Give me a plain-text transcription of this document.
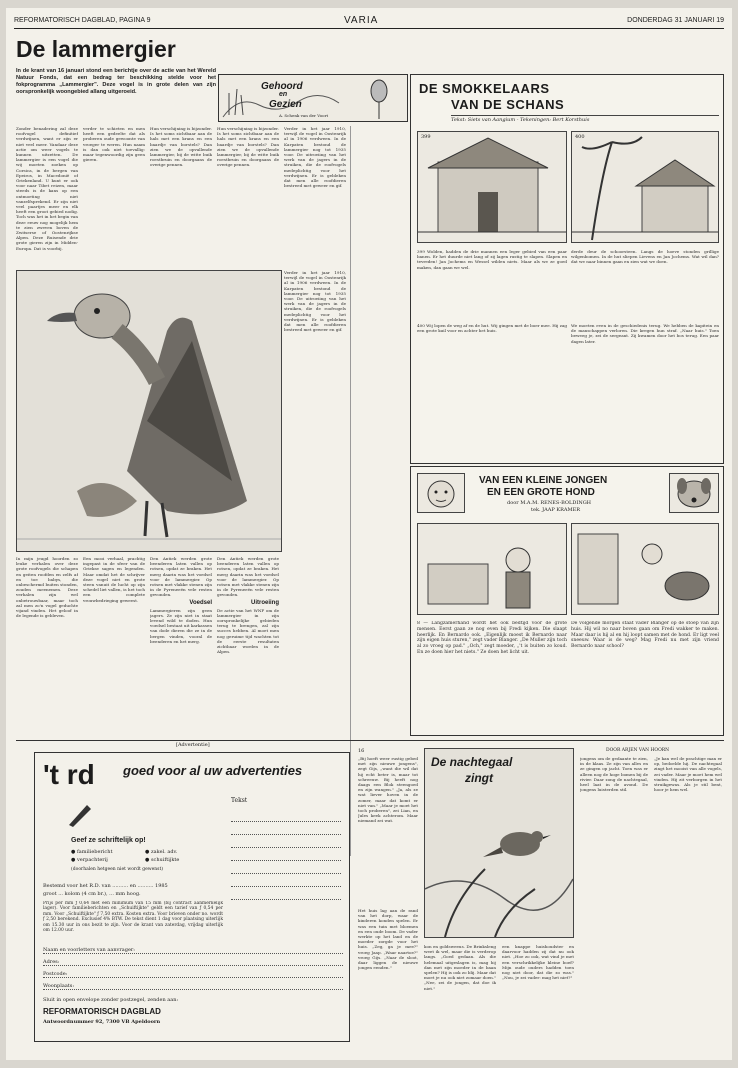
REFORMATORISCH DAGBLAD, PAGINA 9	VARIA	DONDERDAG 31 JANUARI 19
De lammergier
In de krant van 16 januari stond een berichtje over de actie van het Wereld Natuur Fonds, dat een bedrag ter beschikking stelde voor het fokprogramma „Lammergier". Deze vogel is in grote delen van zijn oorspronkelijk woongebied allang uitgeroeid.
Zonder benadering zal deze roofvogel definitief verdwijnen, want er zijn er niet veel meer. Vandaar deze actie om weer vogels te kunnen uitzetten. De lammergier is een vogel die wij moeten zoeken op Corsica, in de bergen van Epeiros, in Macedonië of Griekenland. U kunt er ook voor naar Tibet reizen, maar steeds is de kans op een ontmoeting niet vanzelfsprekend. Er zijn niet veel paartjes meer en elk heeft een groot gebied nodig. Toch was het in het begin van deze eeuw nog mogelijk hem te zien zweven boven de Zwitserse of Oostenrijkse Alpen. Deze Ruisende drie grote gieren zijn in Midden-Europa. Dat is voorbij.
verder te schieten en men heeft een gedeelte dat als proberen oude gewoonte van vroeger te weren. Hun naam is dan ook niet toevallig: maar tegenwoordig zijn geen gieren.
Hun verschijning is bijzonder. Is het soms zichtbaar aan de hals met een krans en een baardje van borstels? Dan zien we de opvallende lammergier, bij de witte buik roestbruin en doorgaans de overige pennen.
Hun verschijning is bijzonder. Is het soms zichtbaar aan de hals met een krans en een baardje van borstels? Dan zien we de opvallende lammergier, bij de witte buik roestbruin en doorgaans de overige pennen.
Verder in het jaar 1910, terwijl de vogel in Oostenrijk al in 1906 verdween. In de Karpaten bestond de lammergier nog tot 1935 voor. De uitroeiing van het werk van de jagers in de struiken, die de roofvogels medeplichtig voor het verdwijnen. Er is gebleken dat men alle roofdieren bestreed met geweer en gif.
Gehoord
en
Gezien
A. Schenk van der Voort
In mijn jeugd hoorden zo leuke verhalen over deze grote roofvogels die schapen en geiten roofden en zelfs af en toe babys, die onbeschermd buiten stonden, zouden meenemen. Deze verhalen zijn wel onbetrouwbaar, maar toch zal men zo'n vogel geduchte vijand vinden. Het geloof in de legende is gebleven.
Een mooi verhaal, prachtig ingepast in de sfeer van de Griekse sagen en legenden. Maar omdat het de schrijver deze vogel niet en grote steen vanuit de lucht op zijn schedel liet vallen, is het toch een complete vrouwbedrieging geweest.
Den Antiek werden grote beenderen laten vallen op rotsen, opdat ze braken. Het merg daarin was het voedsel voor de lammergier. Op rotsen met vlakke stenen zijn in de Pyreneeën vele resten gevonden.
Voedsel
Lammergieren zijn geen jagers. Ze zijn niet in staat levend wild te doden. Hun voedsel bestaat uit karkassen van dode dieren die ze in de bergen vinden, vooral de beenderen en het merg.
Den Antiek werden grote beenderen laten vallen op rotsen, opdat ze braken. Het merg daarin was het voedsel voor de lammergier. Op rotsen met vlakke stenen zijn in de Pyreneeën vele resten gevonden.
Uitroeiing
De actie van het WNF om de lammergier in zijn oorspronkelijke gebieden terug te brengen, zal zijn succes hebben. Al moet men nog geruime tijd wachten tot de eerste resultaten zichtbaar worden in de Alpen.
Verder in het jaar 1910, terwijl de vogel in Oostenrijk al in 1906 verdween. In de Karpaten bestond de lammergier nog tot 1935 voor. De uitroeiing van het werk van de jagers in de struiken, die de roofvogels medeplichtig voor het verdwijnen. Er is gebleken dat men alle roofdieren bestreed met geweer en gif.
DE SMOKKELAARS
VAN DE SCHANS
Tekst: Siets van Aangium - Tekeningen: Bert Korsthuis
399	400
399 Wolden, hadden de drie mannen een leger gebied van een paar banen. Er het duurde niet lang of zij lagen rustig te slapen. Slapen en tevreden! Jan Jochems en Wessel wilden niets. Maar als we ze goed maken, dan gaan we wel.
400 Wij lopen de weg af en de hut. Wij gingen met de boer mee. Hij zag een grote kuil voor en achter het huis.
derde deur de schoorsteen. Langs de hoeve stonden grillige wilgenbomen. In de hut sliepen Lievens en Jan Jochems. Wat wil dan? dat we naar binnen gaan en zien wat we doen.
We moeten even in de geschiedenis terug. We hebben de kapitein en de manschappen verloren. Die kregen hun straf. „Naar huis." Toen beweeg je, zei de sergeant. Zij kwamen door het bos terug. Een paar dagen later.
VAN EEN KLEINE JONGEN
EN EEN GROTE HOND
door M.A.M. RENES-BOLDINGH
tek. JAAP KRAMER
8 — Langzamerhand wordt het ook bedtijd voor de grote mensen. Eerst gaan ze nog even bij Fredi kijken. Die slaapt heerlijk. En Bernardo ook. „Eigenlijk moest ik Bernardo naar zijn eigen huis sturen," zegt vader Blanger. „De Muller zijn toch al zo vroeg op pad." „Och," zegt moeder, „'t is buiten zo koud. En ze doen hier het niets." Ze doen het licht uit.
De volgende morgen staat vader Blanger op de stoep van zijn huis. Hij wil no naar boven gaan om Fredi wakker te maken. Maar daar is hij al en hij loopt samen met de hond. Er ligt veel sneeuw. Waar is de weg? Mag Fredi nu met zijn vriend Bernardo naar school?
[Advertentie]
't rd goed voor al uw advertenties
Tekst
Geef ze schriftelijk op!
● familiebericht
● verpachterij
● zakel. adv.
● schuiftijkte
(doorhalen hetgeen niet wordt gewenst)
Bestemd voor het R.D. van .......... en .......... 1985
groot ... kolom (4 cm br.), ... mm hoog.
Prijs per mm ƒ 0,64 met een minimum van 15 mm (bij contract aanmerkelijk lager). Voor familieberichten en „Schuiftijkte" geldt een tarief van ƒ 0,54 per mm. Voor „Schuiftijkte" ƒ 7,50 extra. Kosten extra. Voor brieven onder no. wordt ƒ 2,50 berekend. Exclusief 4% BTW. De tekst dient 1 dag voor plaatsing uiterlijk om 15.30 uur in ons bezit te zijn. Voor de krant van zaterdag, vrijdag uiterlijk om 12.00 uur.
Naam en voorletters van aanvrager:
Adres:
Postcode:
Woonplaats:
Sluit in open envelope zonder postzegel, zenden aan:
REFORMATORISCH DAGBLAD
Antwoordnummer 92, 7300 VB Apeldoorn
16
„Bij hoeft weer rustig gebed met zijn nieuwe jongens", zegt Gijs, „want die wil dat hij echt beter is, maar tot schreeuw. Bij heeft nog daags een Blok steengoed en zijn wangen." „Ja, als ze wat liever hoven in de zomer, maar dat komt er niet van." „Maar je moet het toch proberen", zei Lian, en Jules keek achterom. Maar niemand zei wat.
Het huis lag aan de rand van het dorp, waar de kinderen konden spelen. Er was een tuin met bloemen en een oude boom. De vader werkte op het land en de moeder zorgde voor het huis. „Zeg, ga je mee?" vroeg Jaap. „Waar naartoe?" vroeg Gijs. „Naar de sloot, daar liggen de nieuwe jongen eenden."
kon en goldsweeus. De Brinksleng weet ik wel, maar die is verderop langs. „Goed gedaan. Als die helemaal uitgeslagen is, mag hij dan met zijn moeder in de baan spelen? Hij is ook zo blij. Maar dat moet je nu ook niet zomaar doen." „Nee, zei de jongen, dat doe ik niet."
een knappe huishoudster en daarvoor hadden zij dat nu ook niet. „Hoe zo ook, wat vind je met een verschrikkelijke kleine boef? Mijn oude ouders hadden toen nog niet door, dat die zo was." „Nou, je zei vader: mag het niet?"
De nachtegaal
zingt
DOOR ARJEN VAN HOORN
jongens om de gedaante te zien, in de klaas. Ze zijn van alles en ze gingen op jacht. Toen was er alleen nog de hoge bomen bij de rivier. Daar zong de nachtegaal, heel laat in de avond. De jongens luisterden stil.
„Je kan wel de prachtige man er op, bedoelde hij. De nachtegaal zingt het mooist van alle vogels, zei vader. Maar je moet hem wel vinden. Hij zit verborgen in het struikgewas. Als je stil bent, hoor je hem wel.
